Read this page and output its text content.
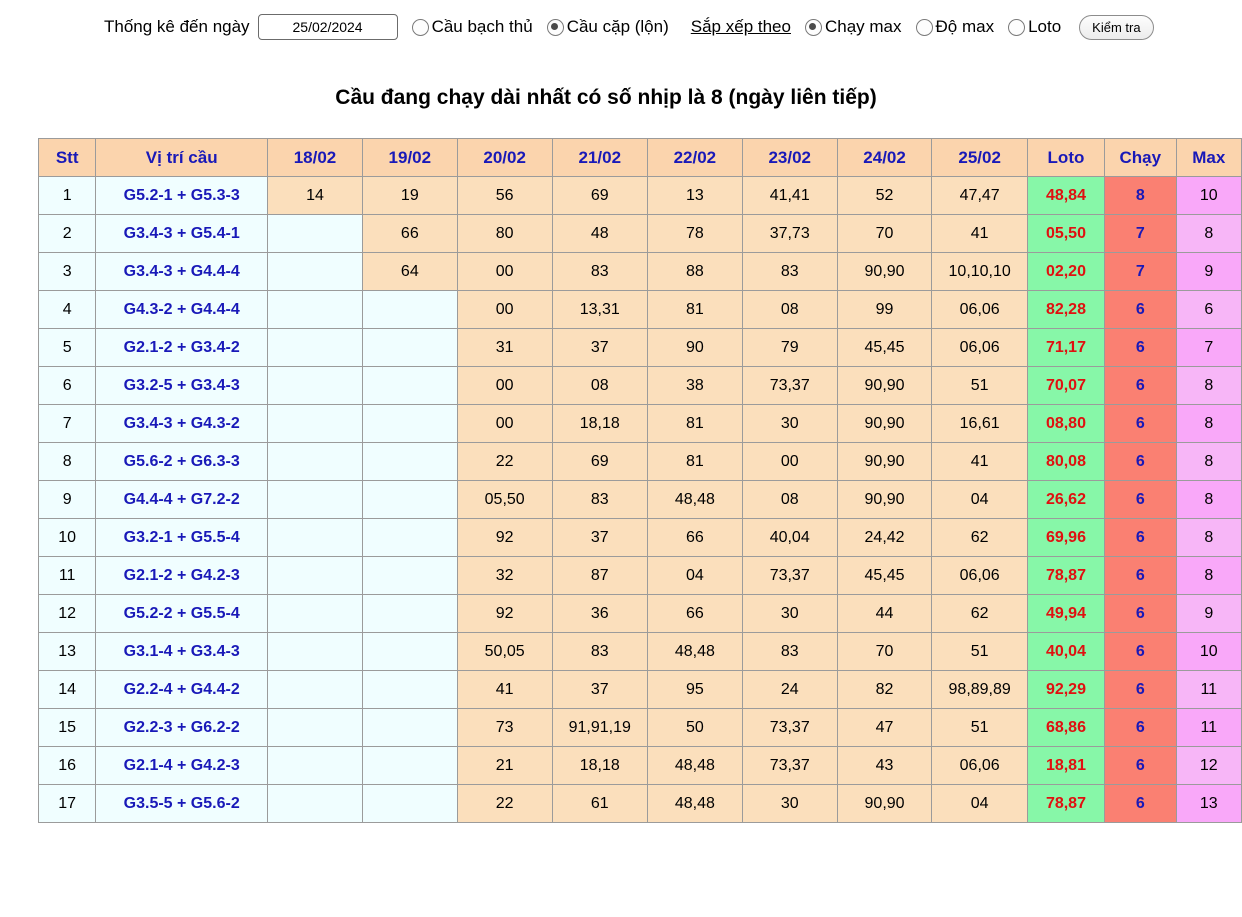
Thống kê đến ngày
25/02/2024	Cầu bạch thủ Cầu cặp (lộn) Sắp xếp theo Chạy max Độ max Loto	Kiểm tra
Cầu đang chạy dài nhất có số nhịp là 8 (ngày liên tiếp)
Stt	Vị trí cầu	18/02	19/02	20/02	21/02	22/02	23/02	24/02	25/02	Loto	Chạy	Max
1	G5.2-1 + G5.3-3	14	19	56	69	13	41,41	52	47,47	48,84	8	10
2	G3.4-3 + G5.4-1		66	80	48	78	37,73	70	41	05,50	7	8
3	G3.4-3 + G4.4-4		64	00	83	88	83	90,90	10,10,10	02,20	7	9
4	G4.3-2 + G4.4-4			00	13,31	81	08	99	06,06	82,28	6	6
5	G2.1-2 + G3.4-2			31	37	90	79	45,45	06,06	71,17	6	7
6	G3.2-5 + G3.4-3			00	08	38	73,37	90,90	51	70,07	6	8
7	G3.4-3 + G4.3-2			00	18,18	81	30	90,90	16,61	08,80	6	8
8	G5.6-2 + G6.3-3			22	69	81	00	90,90	41	80,08	6	8
9	G4.4-4 + G7.2-2			05,50	83	48,48	08	90,90	04	26,62	6	8
10	G3.2-1 + G5.5-4			92	37	66	40,04	24,42	62	69,96	6	8
11	G2.1-2 + G4.2-3			32	87	04	73,37	45,45	06,06	78,87	6	8
12	G5.2-2 + G5.5-4			92	36	66	30	44	62	49,94	6	9
13	G3.1-4 + G3.4-3			50,05	83	48,48	83	70	51	40,04	6	10
14	G2.2-4 + G4.4-2			41	37	95	24	82	98,89,89	92,29	6	11
15	G2.2-3 + G6.2-2			73	91,91,19	50	73,37	47	51	68,86	6	11
16	G2.1-4 + G4.2-3			21	18,18	48,48	73,37	43	06,06	18,81	6	12
17	G3.5-5 + G5.6-2			22	61	48,48	30	90,90	04	78,87	6	13
